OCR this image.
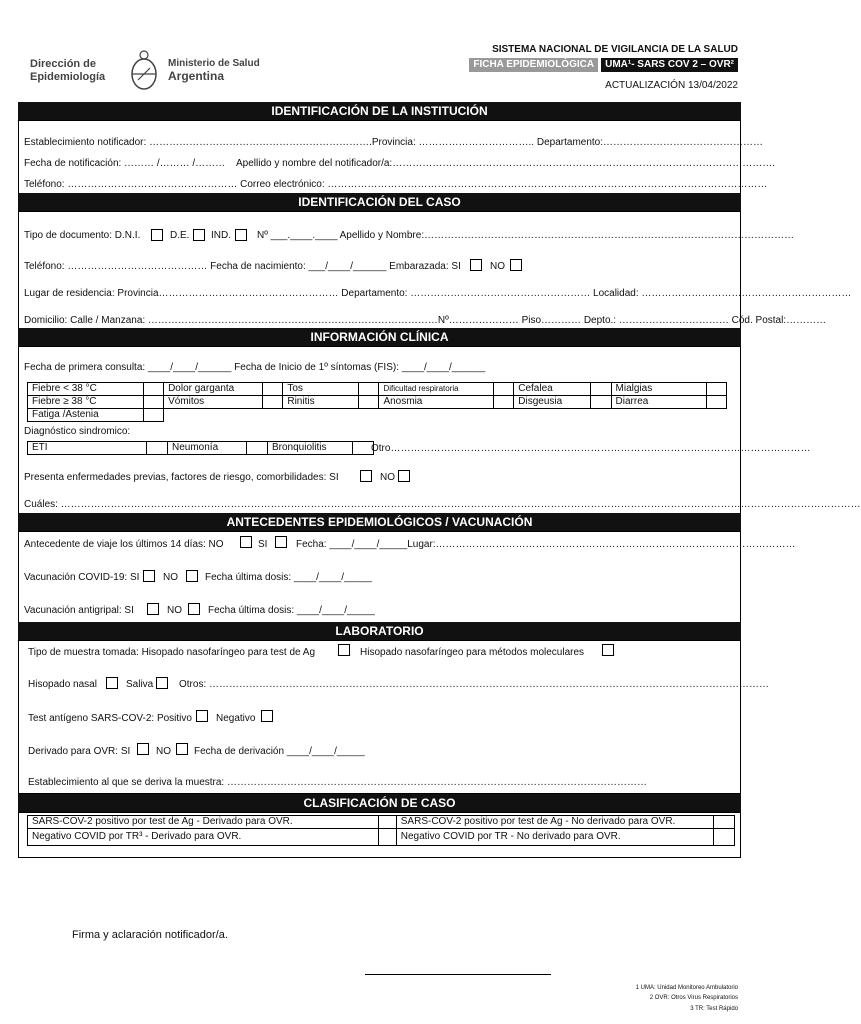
Dirección de
Epidemiología
Ministerio de Salud
Argentina
SISTEMA NACIONAL DE VIGILANCIA DE LA SALUD
FICHA EPIDEMIOLÓGICA	UMA¹- SARS COV 2 – OVR²
ACTUALIZACIÓN 13/04/2022
IDENTIFICACIÓN DE LA INSTITUCIÓN
Establecimiento notificador: ………………………………………………………….Provincia: …………………………….. Departamento:…………………………………………
Fecha de notificación: ……… /……… /……… Apellido y nombre del notificador/a:…………………………………………………………………………………………………….
Teléfono: …………………………………………… Correo electrónico: ……………………………………………………………………………………………………………………
IDENTIFICACIÓN DEL CASO
Tipo de documento: D.N.I.	D.E. IND.	Nº ___.____.____ Apellido y Nombre:…………………………………………………………………………………………………
Teléfono: …………………………………… Fecha de nacimiento: ___/____/______ Embarazada: SI	NO
Lugar de residencia: Provincia……………………………………………… Departamento: ……………………………………………… Localidad: ………………………………………………………
Domicilio: Calle / Manzana: ……………………………………………………………………………Nº………………… Piso………… Depto.: …………………………… Cód. Postal:…………
INFORMACIÓN CLÍNICA
Fecha de primera consulta: ____/____/______ Fecha de Inicio de 1º síntomas (FIS): ____/____/______
Fiebre < 38 °C		Dolor garganta		Tos		Dificultad respiratoria		Cefalea		Mialgias	
Fiebre ≥ 38 °C		Vómitos		Rinitis		Anosmia		Disgeusia		Diarrea	
Fatiga /Astenia											
Diagnóstico sindromico:
ETI		Neumonía		Bronquiolitis		Otro………………………………………………………………………………………………………………
Presenta enfermedades previas, factores de riesgo, comorbilidades: SI	NO
Cuáles: ……………………………………………………………………………………………………………………………………………………………………………………………………………………
ANTECEDENTES EPIDEMIOLÓGICOS / VACUNACIÓN
Antecedente de viaje los últimos 14 días: NO	SI	Fecha: ____/____/_____Lugar:………………………………………………………………………………………………
Vacunación COVID-19: SI NO	Fecha última dosis: ____/____/_____
Vacunación antigripal: SI	NO	Fecha última dosis: ____/____/_____
LABORATORIO
Tipo de muestra tomada: Hisopado nasofaríngeo para test de Ag	Hisopado nasofaríngeo para métodos moleculares
Hisopado nasal	Saliva	Otros: ……………………………………………………………………………………………………………………………………………………
Test antígeno SARS-COV-2: Positivo Negativo
Derivado para OVR: SI	NO Fecha de derivación ____/____/_____
Establecimiento al que se deriva la muestra: ………………………………………………………………………………………………………………
CLASIFICACIÓN DE CASO
SARS-COV-2 positivo por test de Ag - Derivado para OVR.		SARS-COV-2 positivo por test de Ag - No derivado para OVR.	
Negativo COVID por TR³ - Derivado para OVR.		Negativo COVID por TR - No derivado para OVR.	
Firma y aclaración notificador/a.
1 UMA: Unidad Monitoreo Ambulatorio
2 OVR: Otros Virus Respiratorios
3 TR: Test Rápido
